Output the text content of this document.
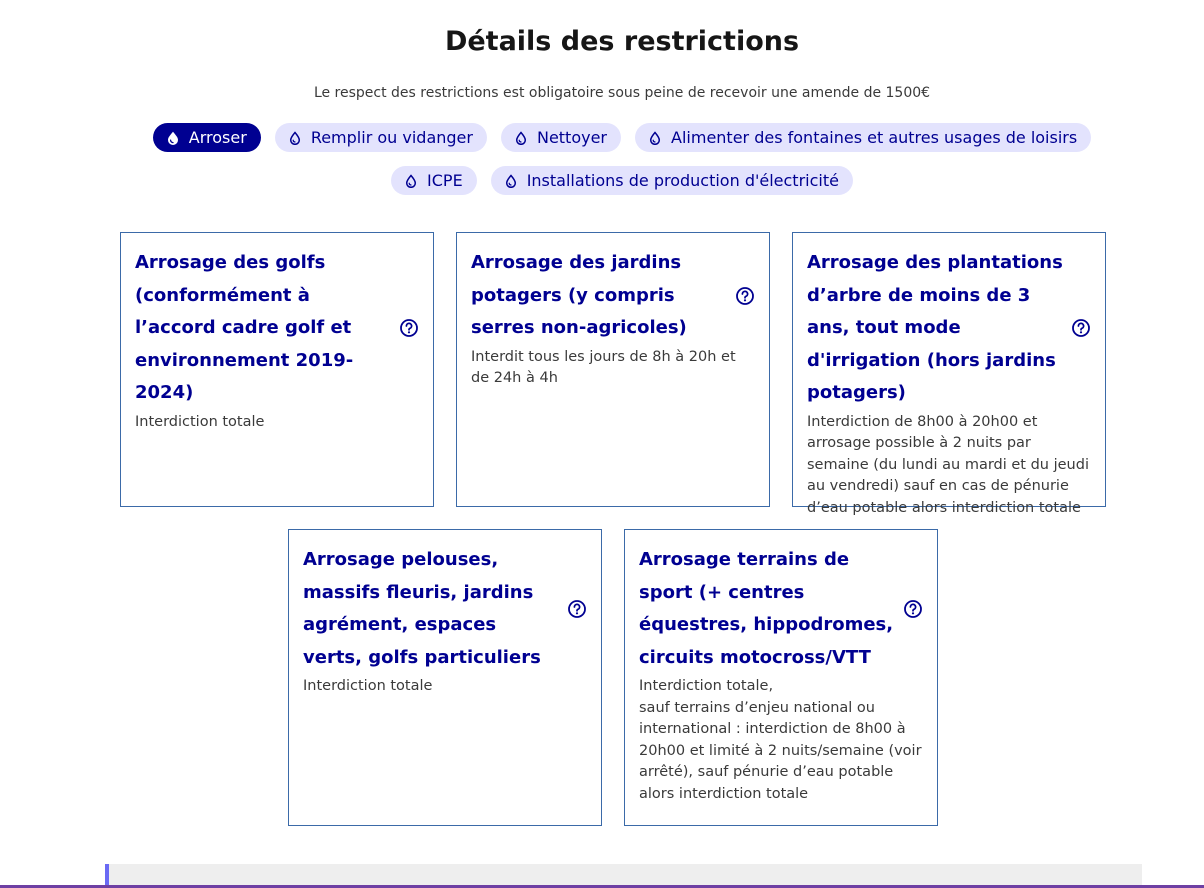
Détails des restrictions

Le respect des restrictions est obligatoire sous peine de recevoir une amende de 1500€

Arroser	Remplir ou vidanger	Nettoyer	Alimenter des fontaines et autres usages de loisirs
ICPE	Installations de production d'électricité
Arrosage des golfs (conformément à l’accord cadre golf et environnement 2019-2024)
Interdiction totale
Arrosage des jardins potagers (y compris serres non-agricoles)
Interdit tous les jours de 8h à 20h et de 24h à 4h
Arrosage des plantations d’arbre de moins de 3 ans, tout mode d'irrigation (hors jardins potagers)
Interdiction de 8h00 à 20h00 et arrosage possible à 2 nuits par semaine (du lundi au mardi et du jeudi au vendredi) sauf en cas de pénurie d’eau potable alors interdiction totale
Arrosage pelouses, massifs fleuris, jardins agrément, espaces verts, golfs particuliers
Interdiction totale
Arrosage terrains de sport (+ centres équestres, hippodromes, circuits motocross/VTT
Interdiction totale,
sauf terrains d’enjeu national ou international : interdiction de 8h00 à 20h00 et limité à 2 nuits/semaine (voir arrêté), sauf pénurie d’eau potable alors interdiction totale
